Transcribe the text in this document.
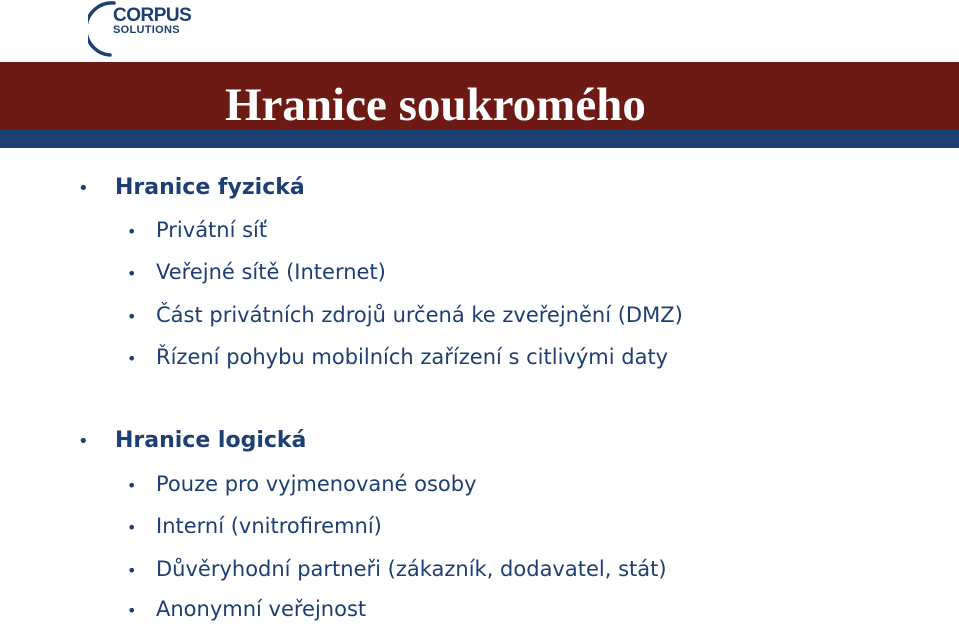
CORPUS
SOLUTIONS
Hranice soukromého
• Hranice fyzická
• Privátní síť
• Veřejné sítě (Internet)
• Část privátních zdrojů určená ke zveřejnění (DMZ)
• Řízení pohybu mobilních zařízení s citlivými daty
• Hranice logická
• Pouze pro vyjmenované osoby
• Interní (vnitrofiremní)
• Důvěryhodní partneři (zákazník, dodavatel, stát)
• Anonymní veřejnost
